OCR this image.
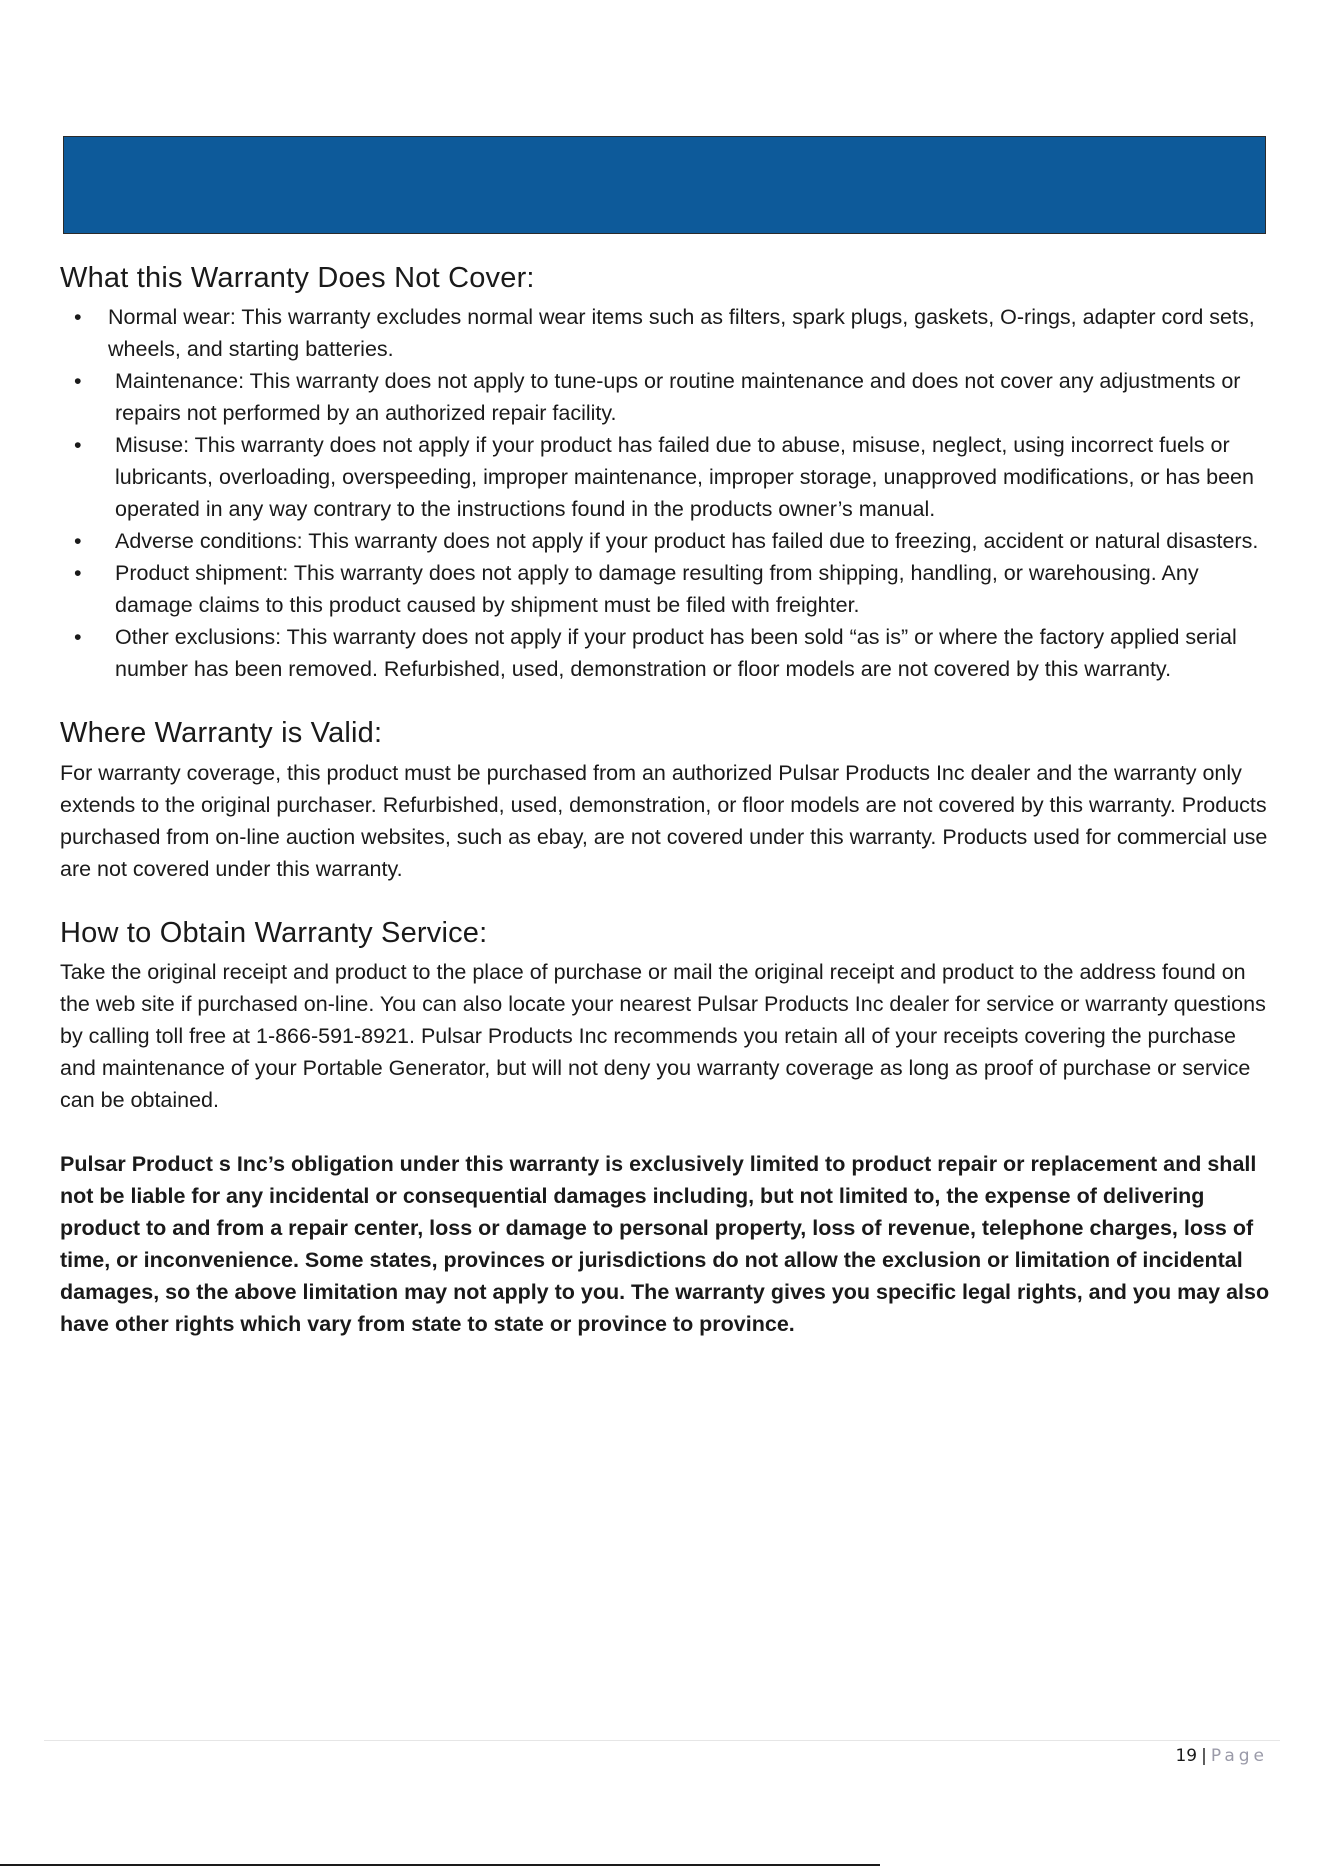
What this Warranty Does Not Cover:
• Normal wear: This warranty excludes normal wear items such as filters, spark plugs, gaskets, O-rings, adapter cord sets, wheels, and starting batteries.
• Maintenance: This warranty does not apply to tune-ups or routine maintenance and does not cover any adjustments or repairs not performed by an authorized repair facility.
• Misuse: This warranty does not apply if your product has failed due to abuse, misuse, neglect, using incorrect fuels or lubricants, overloading, overspeeding, improper maintenance, improper storage, unapproved modifications, or has been operated in any way contrary to the instructions found in the products owner’s manual.
• Adverse conditions: This warranty does not apply if your product has failed due to freezing, accident or natural disasters.
• Product shipment: This warranty does not apply to damage resulting from shipping, handling, or warehousing. Any damage claims to this product caused by shipment must be filed with freighter.
• Other exclusions: This warranty does not apply if your product has been sold “as is” or where the factory applied serial number has been removed. Refurbished, used, demonstration or floor models are not covered by this warranty.
Where Warranty is Valid:

For warranty coverage, this product must be purchased from an authorized Pulsar Products Inc dealer and the warranty only extends to the original purchaser. Refurbished, used, demonstration, or floor models are not covered by this warranty. Products purchased from on-line auction websites, such as ebay, are not covered under this warranty. Products used for commercial use are not covered under this warranty.

How to Obtain Warranty Service:

Take the original receipt and product to the place of purchase or mail the original receipt and product to the address found on the web site if purchased on-line. You can also locate your nearest Pulsar Products Inc dealer for service or warranty questions by calling toll free at 1-866-591-8921. Pulsar Products Inc recommends you retain all of your receipts covering the purchase and maintenance of your Portable Generator, but will not deny you warranty coverage as long as proof of purchase or service can be obtained.

Pulsar Product s Inc’s obligation under this warranty is exclusively limited to product repair or replacement and shall not be liable for any incidental or consequential damages including, but not limited to, the expense of delivering product to and from a repair center, loss or damage to personal property, loss of revenue, telephone charges, loss of time, or inconvenience. Some states, provinces or jurisdictions do not allow the exclusion or limitation of incidental damages, so the above limitation may not apply to you. The warranty gives you specific legal rights, and you may also have other rights which vary from state to state or province to province.

19 | Page
